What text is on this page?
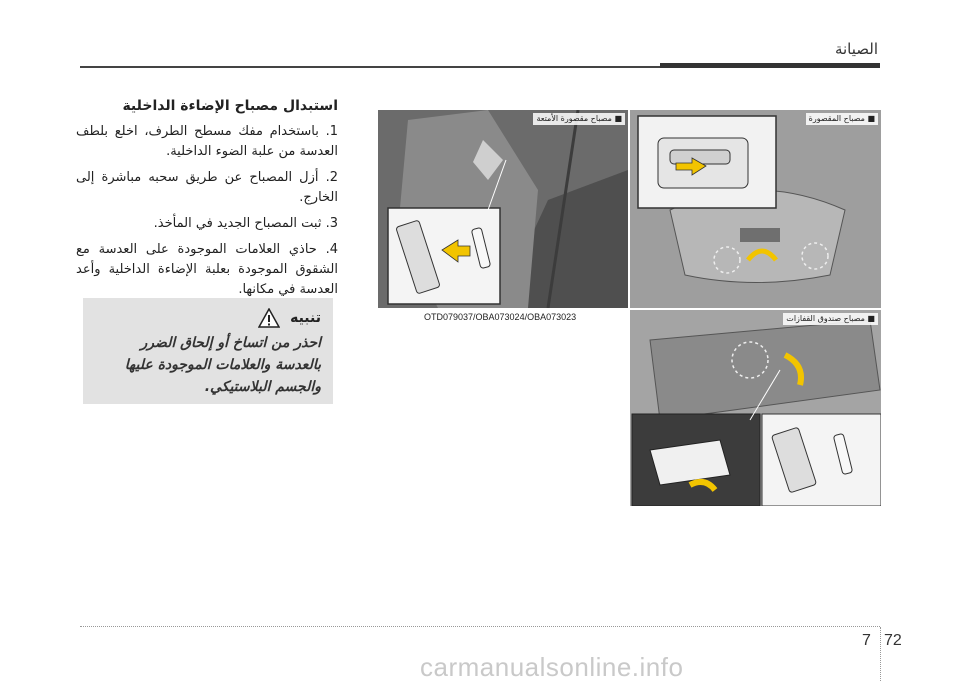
الصيانة
استبدال مصباح الإضاءة الداخلية

1. باستخدام مفك مسطح الطرف، اخلع بلطف العدسة من علبة الضوء الداخلية.

2. أزل المصباح عن طريق سحبه مباشرة إلى الخارج.

3. ثبت المصباح الجديد في المأخذ.

4. حاذي العلامات الموجودة على العدسة مع الشقوق الموجودة بعلبة الإضاءة الداخلية وأعد العدسة في مكانها.

تنبيه
احذر من اتساخ أو إلحاق الضرر بالعدسة والعلامات الموجودة عليها والجسم البلاستيكي.
■ مصباح مقصورة الأمتعة	■ مصباح المقصورة
■ مصباح صندوق القفازات
OTD079037/OBA073024/OBA073023
7 72
carmanualsonline.info
